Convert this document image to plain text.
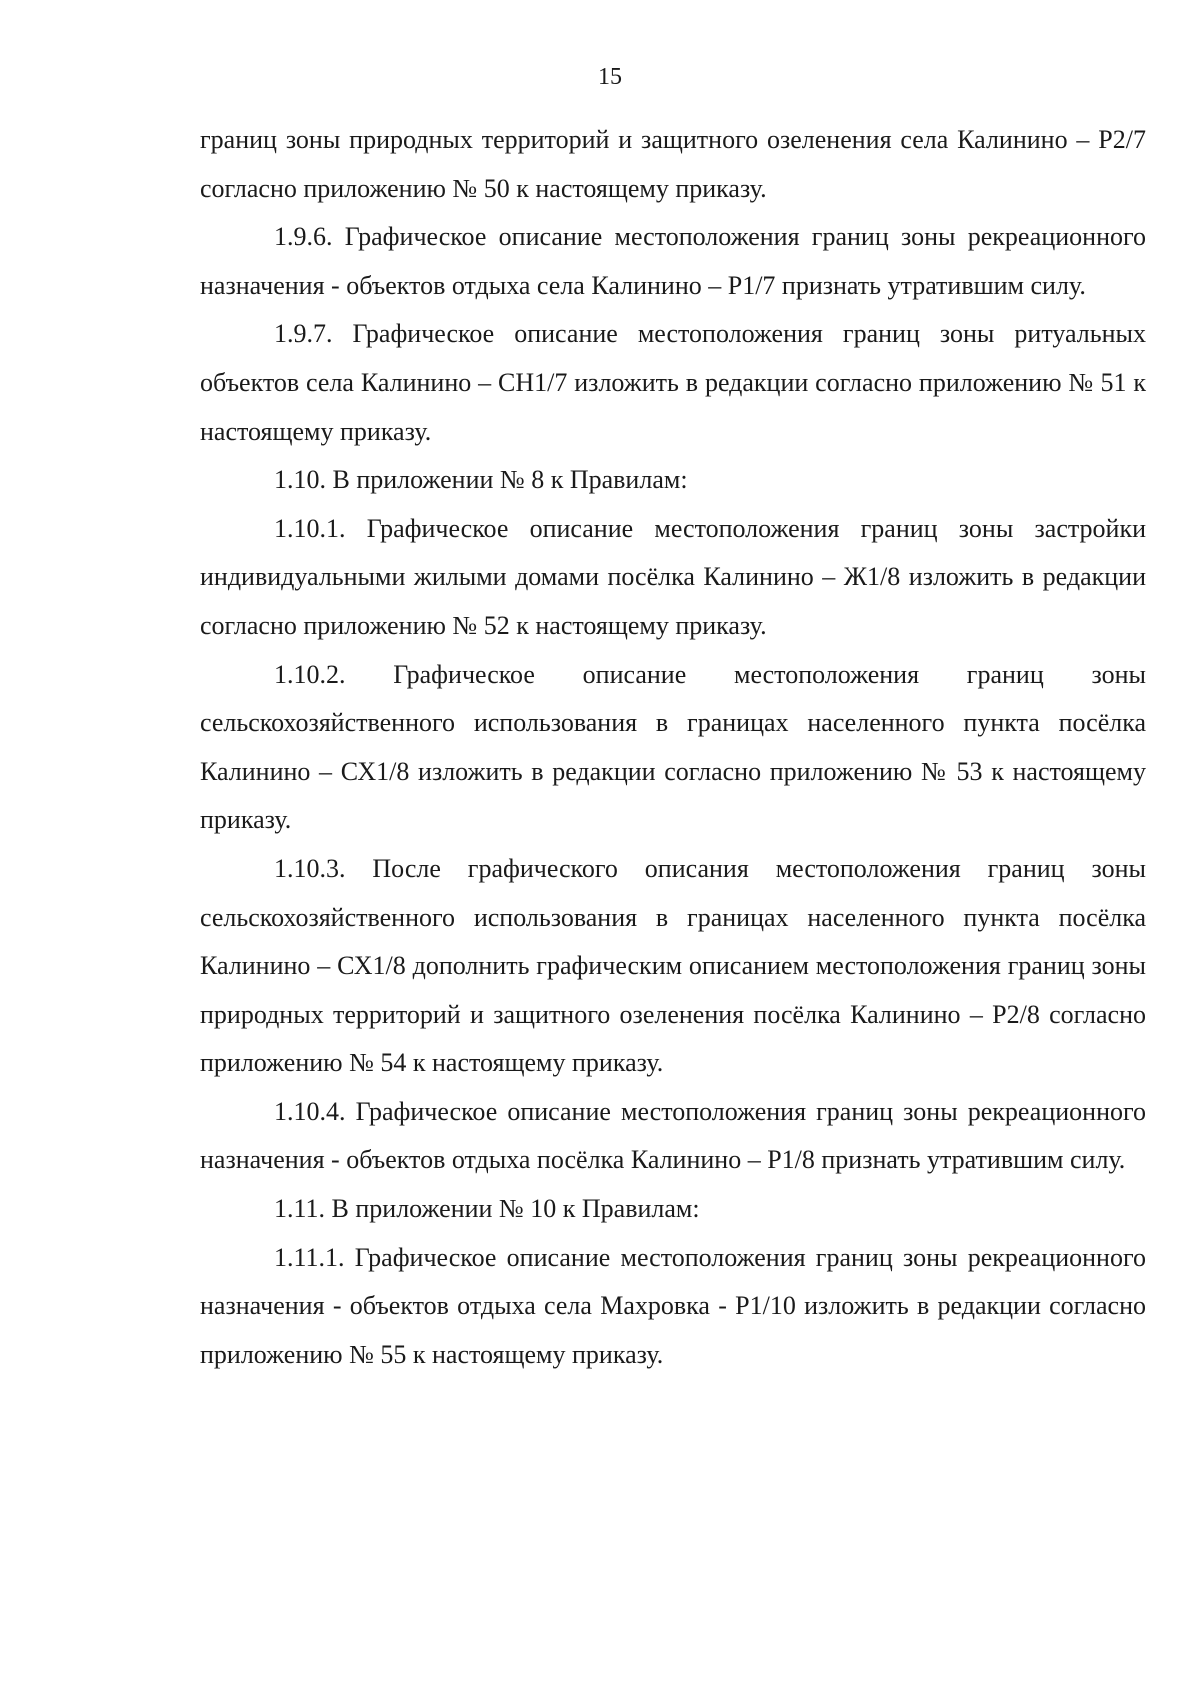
15

границ зоны природных территорий и защитного озеленения села Калинино – Р2/7 согласно приложению № 50 к настоящему приказу.

1.9.6. Графическое описание местоположения границ зоны рекреационного назначения - объектов отдыха села Калинино – Р1/7 признать утратившим силу.

1.9.7. Графическое описание местоположения границ зоны ритуальных объектов села Калинино – СН1/7 изложить в редакции согласно приложению № 51 к настоящему приказу.

1.10. В приложении № 8 к Правилам:

1.10.1. Графическое описание местоположения границ зоны застройки индивидуальными жилыми домами посёлка Калинино – Ж1/8 изложить в редакции согласно приложению № 52 к настоящему приказу.

1.10.2. Графическое описание местоположения границ зоны сельскохозяйственного использования в границах населенного пункта посёлка Калинино – СХ1/8 изложить в редакции согласно приложению № 53 к настоящему приказу.

1.10.3. После графического описания местоположения границ зоны сельскохозяйственного использования в границах населенного пункта посёлка Калинино – СХ1/8 дополнить графическим описанием местоположения границ зоны природных территорий и защитного озеленения посёлка Калинино – Р2/8 согласно приложению № 54 к настоящему приказу.

1.10.4. Графическое описание местоположения границ зоны рекреационного назначения - объектов отдыха посёлка Калинино – Р1/8 признать утратившим силу.

1.11. В приложении № 10 к Правилам:

1.11.1. Графическое описание местоположения границ зоны рекреационного назначения - объектов отдыха села Махровка - Р1/10 изложить в редакции согласно приложению № 55 к настоящему приказу.
